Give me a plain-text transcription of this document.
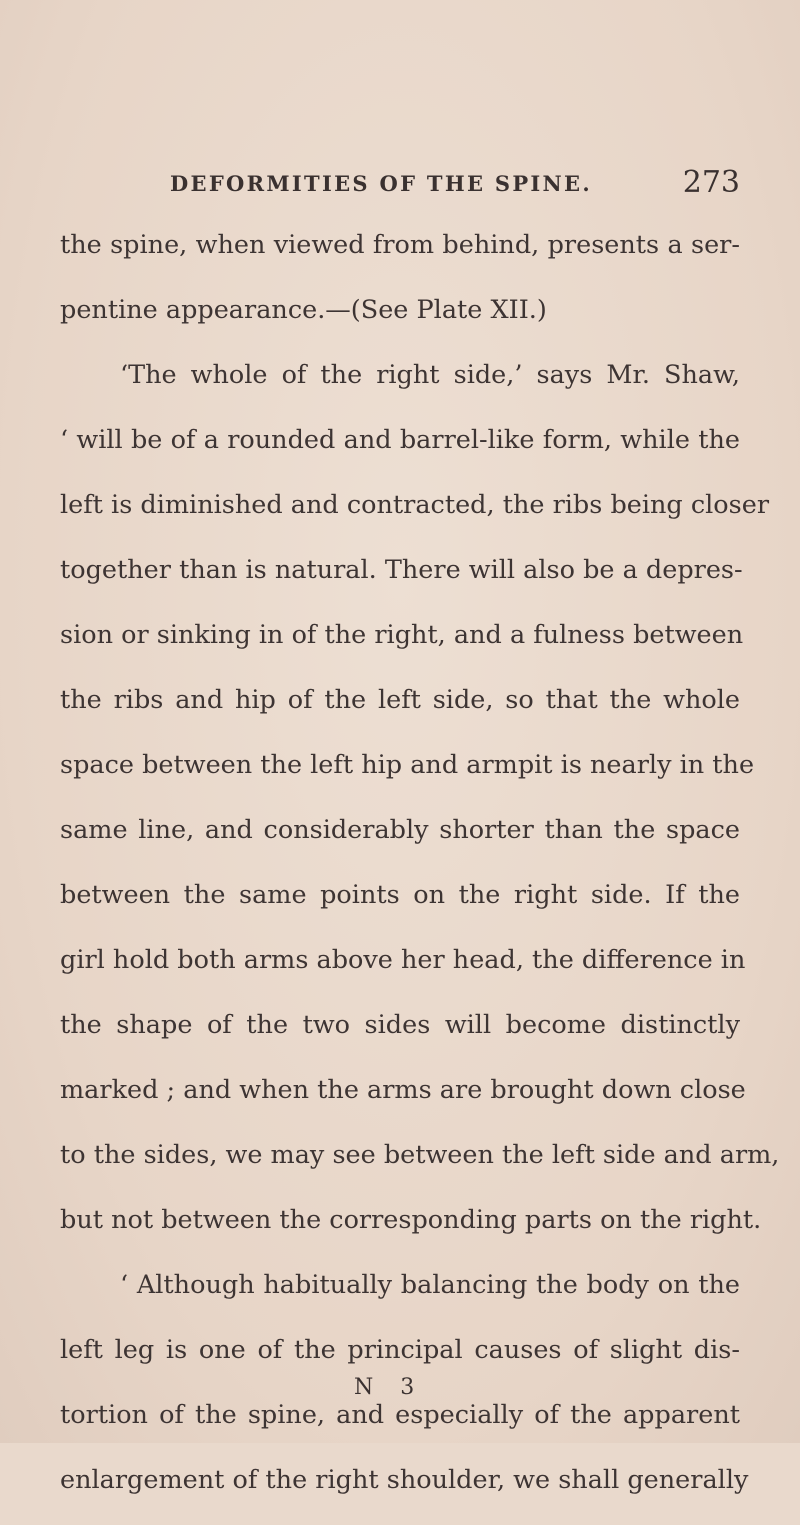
DEFORMITIES OF THE SPINE.	273
the spine, when viewed from behind, presents a ser-
pentine appearance.—(See Plate XII.)
‘The whole of the right side,’ says Mr. Shaw,
‘ will be of a rounded and barrel-like form, while the
left is diminished and contracted, the ribs being closer
together than is natural. There will also be a depres-
sion or sinking in of the right, and a fulness between
the ribs and hip of the left side, so that the whole
space between the left hip and armpit is nearly in the
same line, and considerably shorter than the space
between the same points on the right side. If the
girl hold both arms above her head, the difference in
the shape of the two sides will become distinctly
marked ; and when the arms are brought down close
to the sides, we may see between the left side and arm,
but not between the corresponding parts on the right.
‘ Although habitually balancing the body on the
left leg is one of the principal causes of slight dis-
tortion of the spine, and especially of the apparent
enlargement of the right shoulder, we shall generally
N 3
